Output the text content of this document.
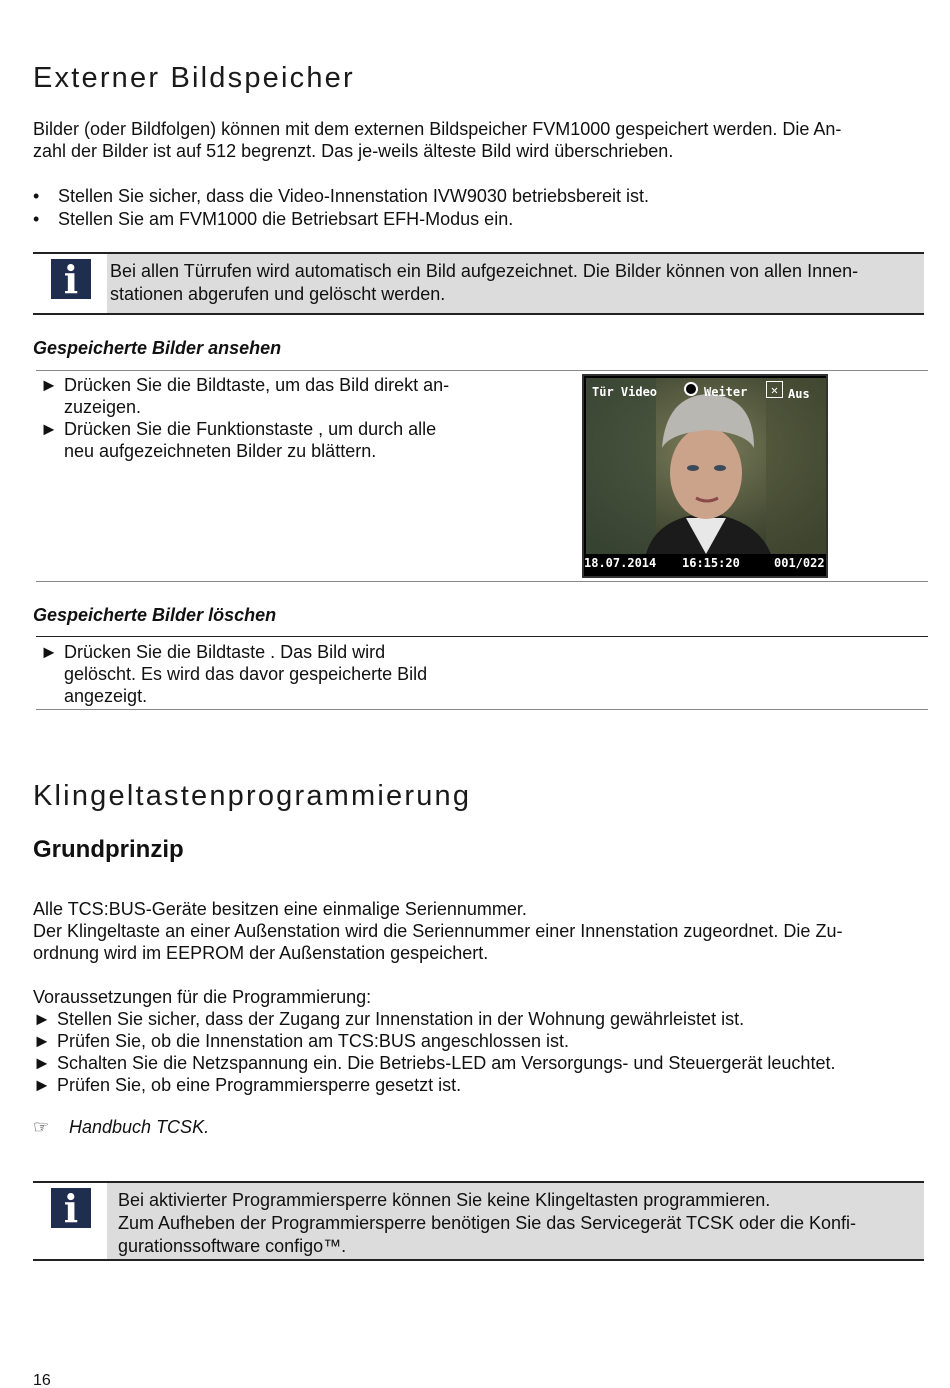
Externer Bildspeicher
Bilder (oder Bildfolgen) können mit dem externen Bildspeicher FVM1000 gespeichert werden. Die An-
zahl der Bilder ist auf 512 begrenzt. Das je-weils älteste Bild wird überschrieben.
• Stellen Sie sicher, dass die Video-Innenstation IVW9030 betriebsbereit ist.
• Stellen Sie am FVM1000 die Betriebsart EFH-Modus ein.
i	Bei allen Türrufen wird automatisch ein Bild aufgezeichnet. Die Bilder können von allen Innen-
stationen abgerufen und gelöscht werden.
Gespeicherte Bilder ansehen
► Drücken Sie die Bildtaste, um das Bild direkt an-
zuzeigen.
► Drücken Sie die Funktionstaste , um durch alle
neu aufgezeichneten Bilder zu blättern.
Tür Video	Weiter	✕ Aus
18.07.2014 16:15:20	001/022
Gespeicherte Bilder löschen
► Drücken Sie die Bildtaste . Das Bild wird
gelöscht. Es wird das davor gespeicherte Bild
angezeigt.
Klingeltastenprogrammierung
Grundprinzip
Alle TCS:BUS-Geräte besitzen eine einmalige Seriennummer.
Der Klingeltaste an einer Außenstation wird die Seriennummer einer Innenstation zugeordnet. Die Zu-
ordnung wird im EEPROM der Außenstation gespeichert.
Voraussetzungen für die Programmierung:
► Stellen Sie sicher, dass der Zugang zur Innenstation in der Wohnung gewährleistet ist.
► Prüfen Sie, ob die Innenstation am TCS:BUS angeschlossen ist.
► Schalten Sie die Netzspannung ein. Die Betriebs-LED am Versorgungs- und Steuergerät leuchtet.
► Prüfen Sie, ob eine Programmiersperre gesetzt ist.
☞ Handbuch TCSK.
i	Bei aktivierter Programmiersperre können Sie keine Klingeltasten programmieren.
Zum Aufheben der Programmiersperre benötigen Sie das Servicegerät TCSK oder die Konfi-
gurationssoftware configo™.
16
